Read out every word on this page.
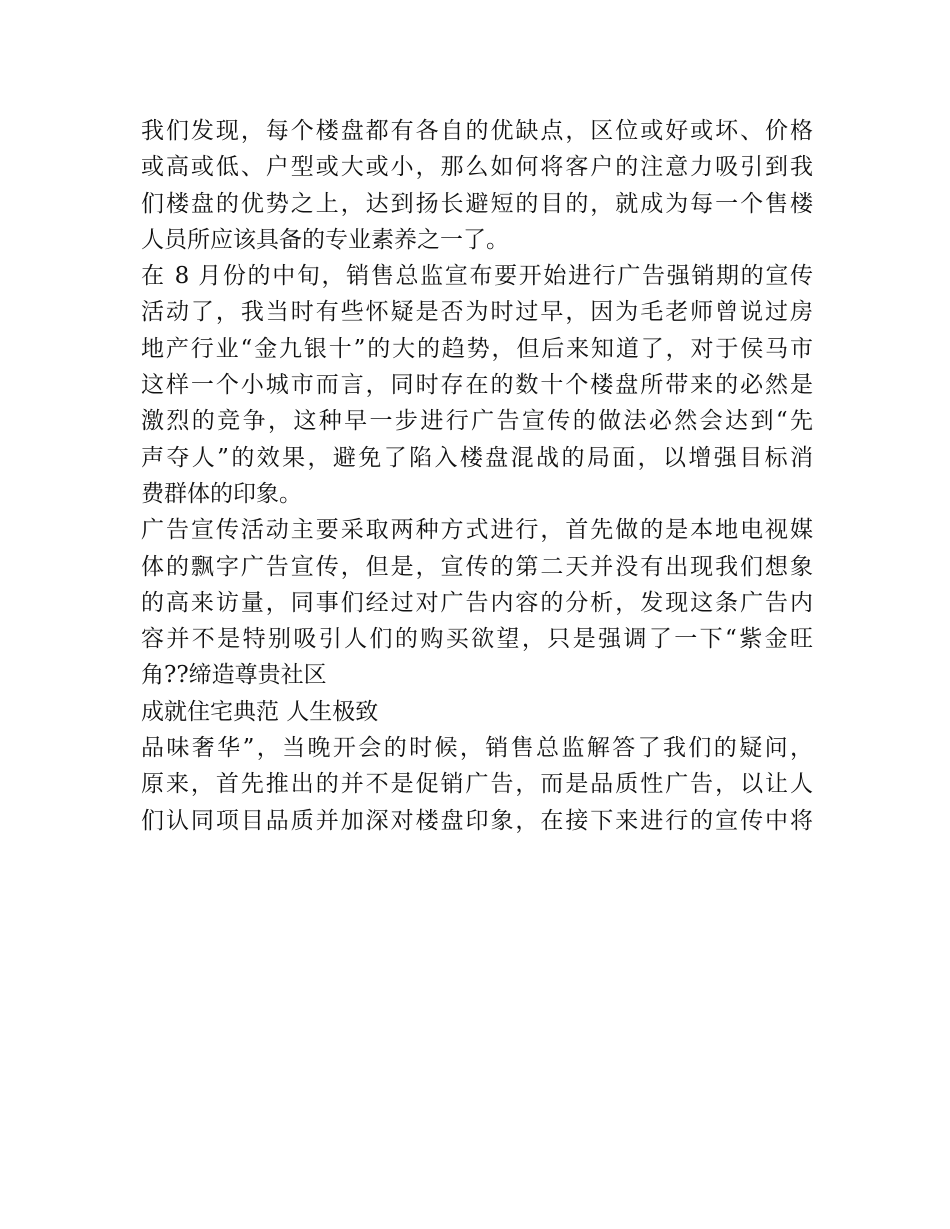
我们发现，每个楼盘都有各自的优缺点，区位或好或坏、价格
或高或低、户型或大或小，那么如何将客户的注意力吸引到我
们楼盘的优势之上，达到扬长避短的目的，就成为每一个售楼
人员所应该具备的专业素养之一了。
在 8 月份的中旬，销售总监宣布要开始进行广告强销期的宣传
活动了，我当时有些怀疑是否为时过早，因为毛老师曾说过房
地产行业“金九银十”的大的趋势，但后来知道了，对于侯马市
这样一个小城市而言，同时存在的数十个楼盘所带来的必然是
激烈的竞争，这种早一步进行广告宣传的做法必然会达到“先
声夺人”的效果，避免了陷入楼盘混战的局面，以增强目标消
费群体的印象。
广告宣传活动主要采取两种方式进行，首先做的是本地电视媒
体的飘字广告宣传，但是，宣传的第二天并没有出现我们想象
的高来访量，同事们经过对广告内容的分析，发现这条广告内
容并不是特别吸引人们的购买欲望，只是强调了一下“紫金旺
角??缔造尊贵社区
成就住宅典范 人生极致
品味奢华”，当晚开会的时候，销售总监解答了我们的疑问，
原来，首先推出的并不是促销广告，而是品质性广告，以让人
们认同项目品质并加深对楼盘印象，在接下来进行的宣传中将
